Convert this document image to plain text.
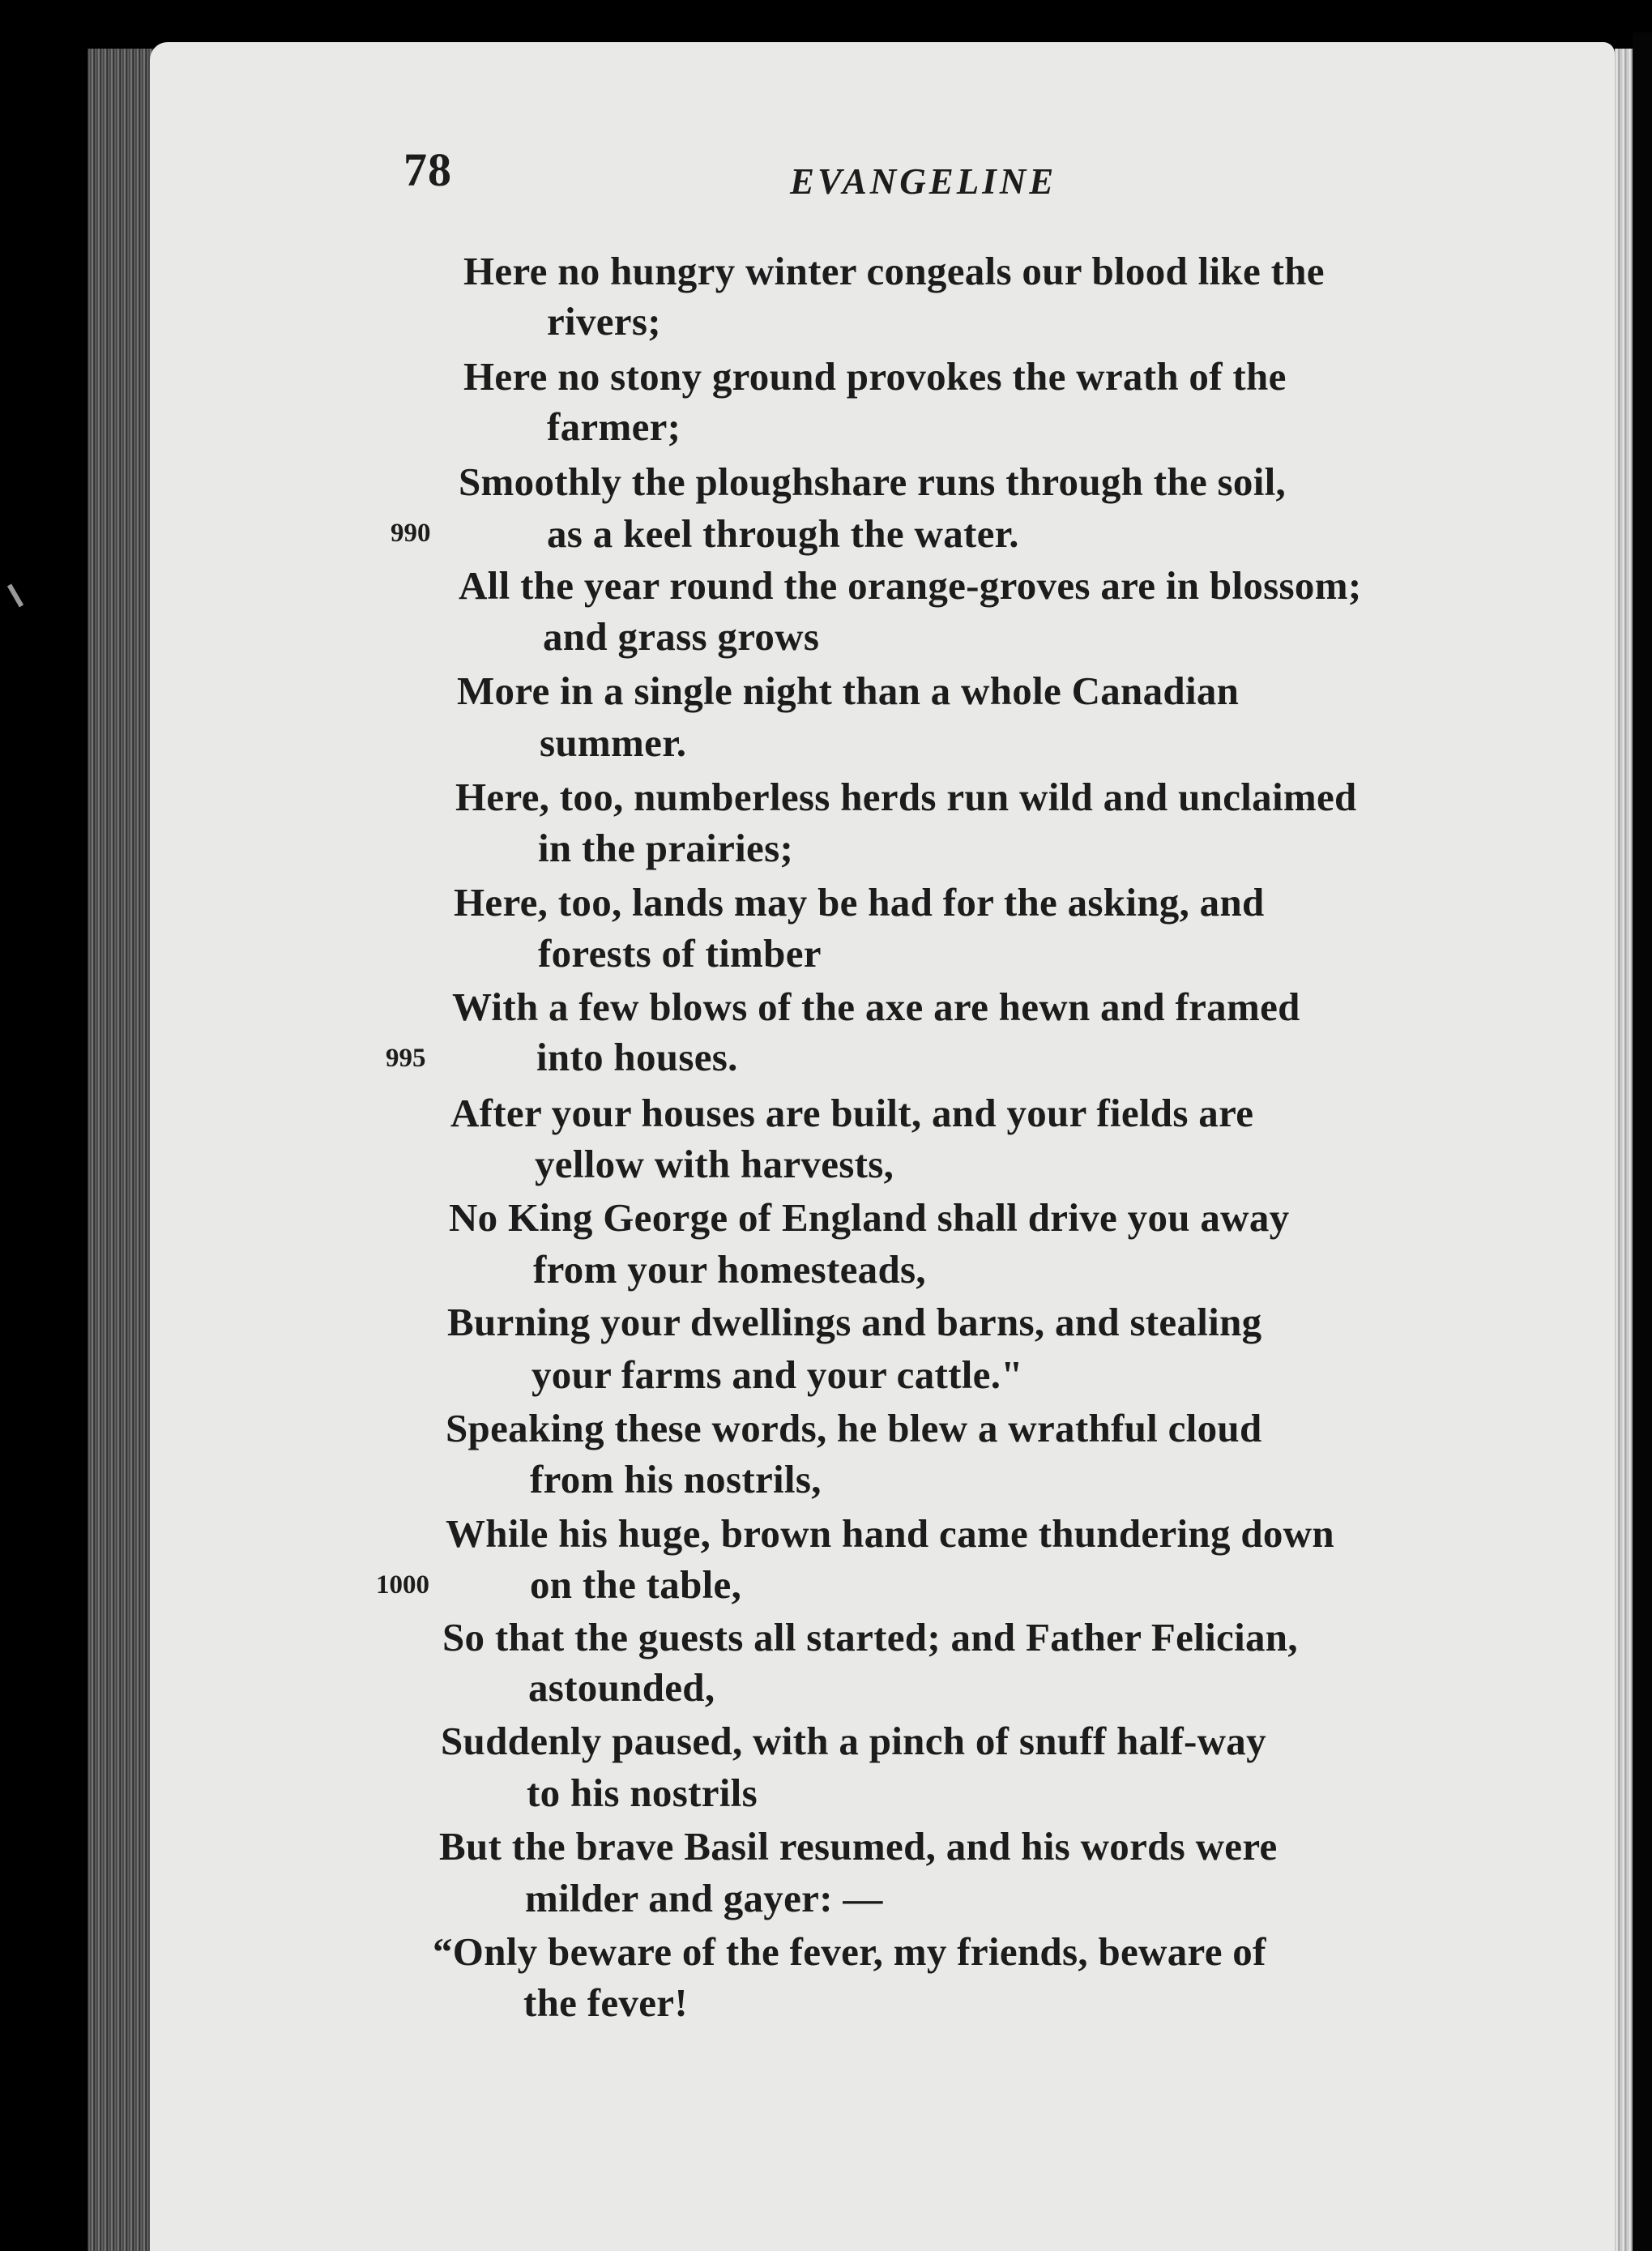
78	EVANGELINE
Here no hungry winter congeals our blood like the
rivers;
Here no stony ground provokes the wrath of the
farmer;
Smoothly the ploughshare runs through the soil,
as a keel through the water.
All the year round the orange-groves are in blossom;
and grass grows
More in a single night than a whole Canadian
summer.
Here, too, numberless herds run wild and unclaimed
in the prairies;
Here, too, lands may be had for the asking, and
forests of timber
With a few blows of the axe are hewn and framed
into houses.
After your houses are built, and your fields are
yellow with harvests,
No King George of England shall drive you away
from your homesteads,
Burning your dwellings and barns, and stealing
your farms and your cattle."
Speaking these words, he blew a wrathful cloud
from his nostrils,
While his huge, brown hand came thundering down
on the table,
So that the guests all started; and Father Felician,
astounded,
Suddenly paused, with a pinch of snuff half-way
to his nostrils
But the brave Basil resumed, and his words were
milder and gayer: —
“Only beware of the fever, my friends, beware of
the fever!
990
995
1000
